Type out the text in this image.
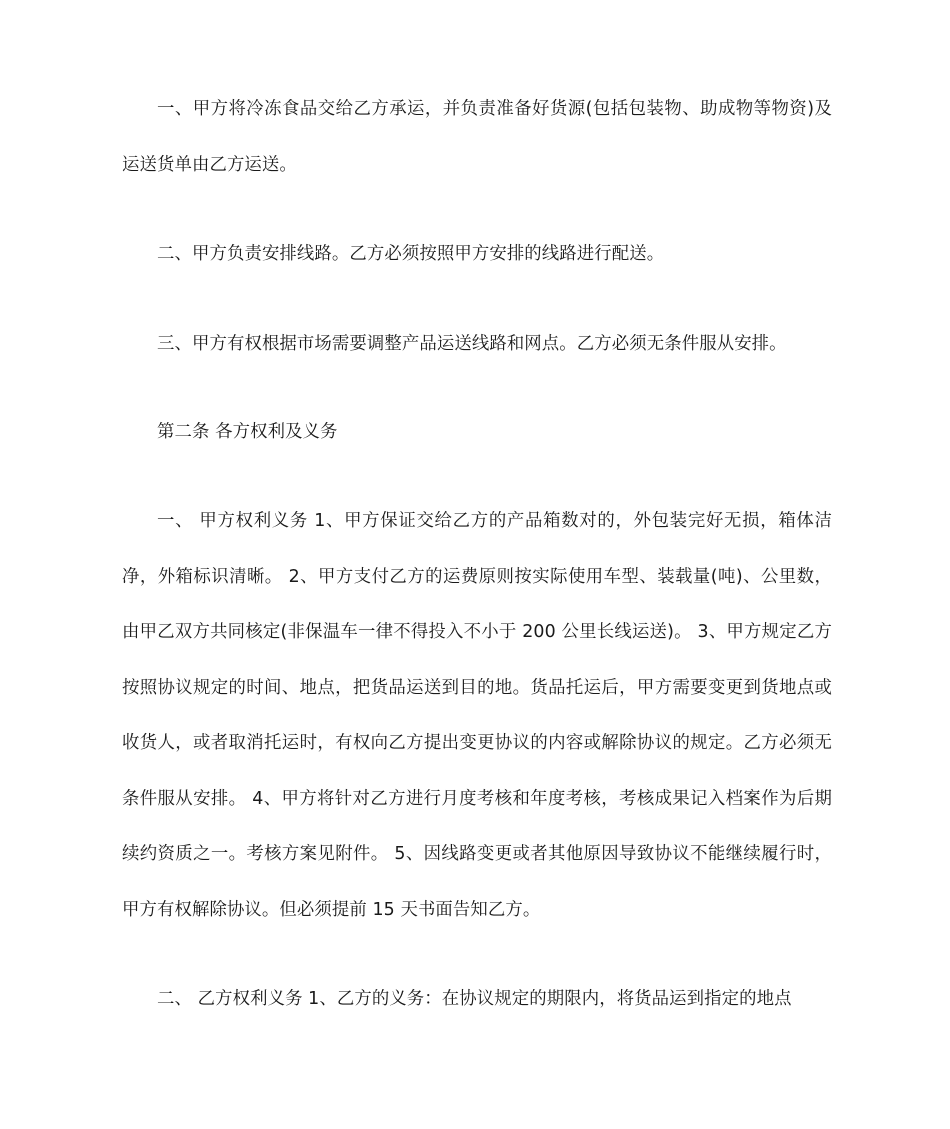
一、甲方将冷冻食品交给乙方承运，并负责准备好货源(包括包装物、助成物等物资)及运送货单由乙方运送。

二、甲方负责安排线路。乙方必须按照甲方安排的线路进行配送。

三、甲方有权根据市场需要调整产品运送线路和网点。乙方必须无条件服从安排。

第二条 各方权利及义务

一、 甲方权利义务 1、甲方保证交给乙方的产品箱数对的，外包装完好无损，箱体洁净，外箱标识清晰。 2、甲方支付乙方的运费原则按实际使用车型、装载量(吨)、公里数，由甲乙双方共同核定(非保温车一律不得投入不小于 200 公里长线运送)。 3、甲方规定乙方按照协议规定的时间、地点，把货品运送到目的地。货品托运后，甲方需要变更到货地点或收货人，或者取消托运时，有权向乙方提出变更协议的内容或解除协议的规定。乙方必须无条件服从安排。 4、甲方将针对乙方进行月度考核和年度考核，考核成果记入档案作为后期续约资质之一。考核方案见附件。 5、因线路变更或者其他原因导致协议不能继续履行时，甲方有权解除协议。但必须提前 15 天书面告知乙方。

二、 乙方权利义务 1、乙方的义务：在协议规定的期限内，将货品运到指定的地点
